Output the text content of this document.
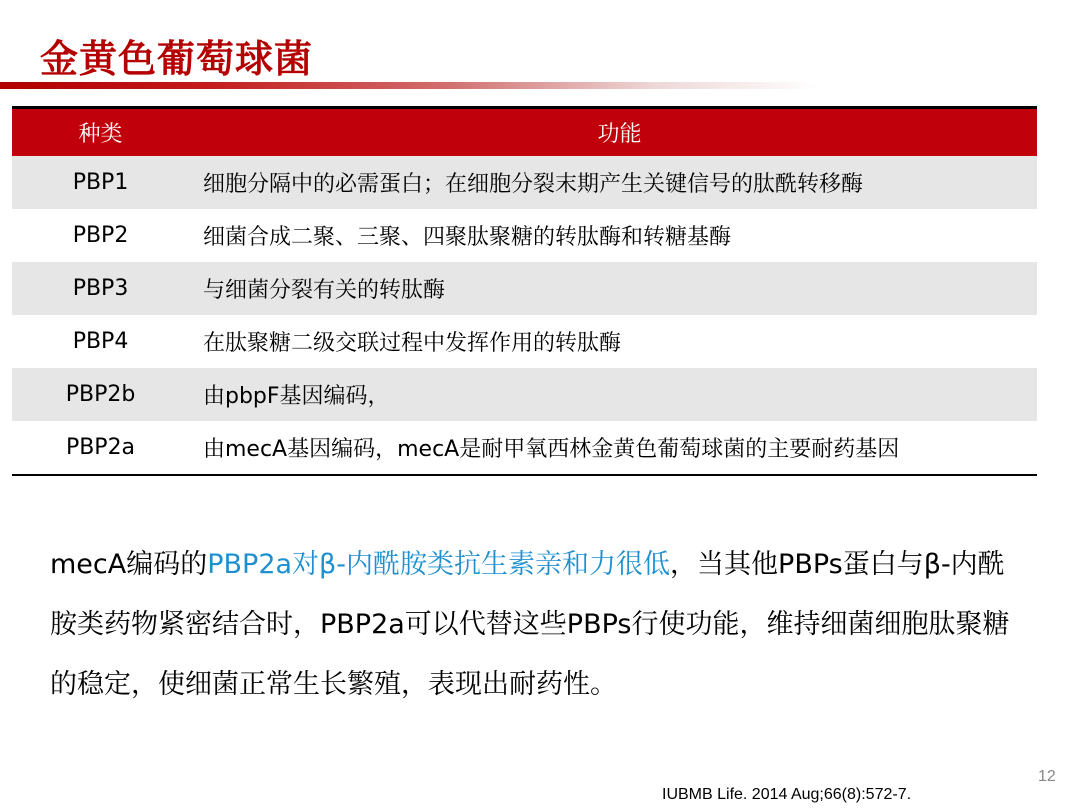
金黄色葡萄球菌
种类	功能
PBP1	细胞分隔中的必需蛋白；在细胞分裂末期产生关键信号的肽酰转移酶
PBP2	细菌合成二聚、三聚、四聚肽聚糖的转肽酶和转糖基酶
PBP3	与细菌分裂有关的转肽酶
PBP4	在肽聚糖二级交联过程中发挥作用的转肽酶
PBP2b	由pbpF基因编码，
PBP2a	由mecA基因编码，mecA是耐甲氧西林金黄色葡萄球菌的主要耐药基因
mecA编码的PBP2a对β-内酰胺类抗生素亲和力很低，当其他PBPs蛋白与β-内酰胺类药物紧密结合时，PBP2a可以代替这些PBPs行使功能，维持细菌细胞肽聚糖的稳定，使细菌正常生长繁殖，表现出耐药性。
12
IUBMB Life. 2014 Aug;66(8):572-7.
